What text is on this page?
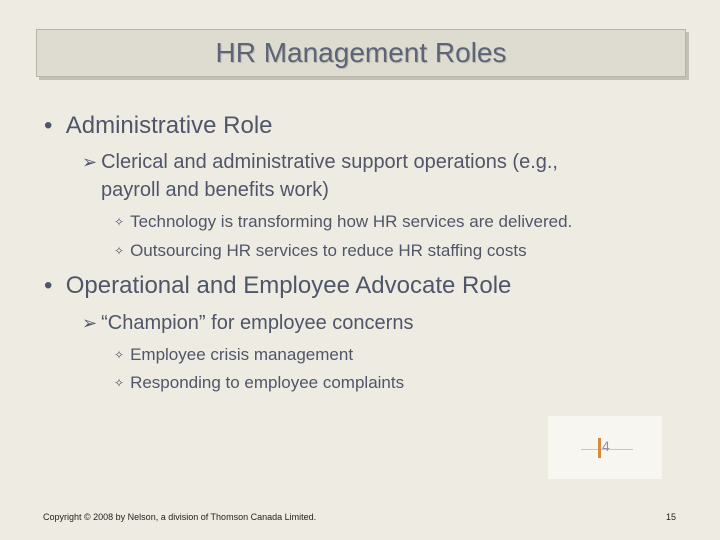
HR Management Roles
• Administrative Role
➢ Clerical and administrative support operations (e.g.,
payroll and benefits work)
✧ Technology is transforming how HR services are delivered.
✧ Outsourcing HR services to reduce HR staffing costs
• Operational and Employee Advocate Role
➢ “Champion” for employee concerns
✧ Employee crisis management
✧ Responding to employee complaints
4
Copyright © 2008 by Nelson, a division of Thomson Canada Limited.	15
